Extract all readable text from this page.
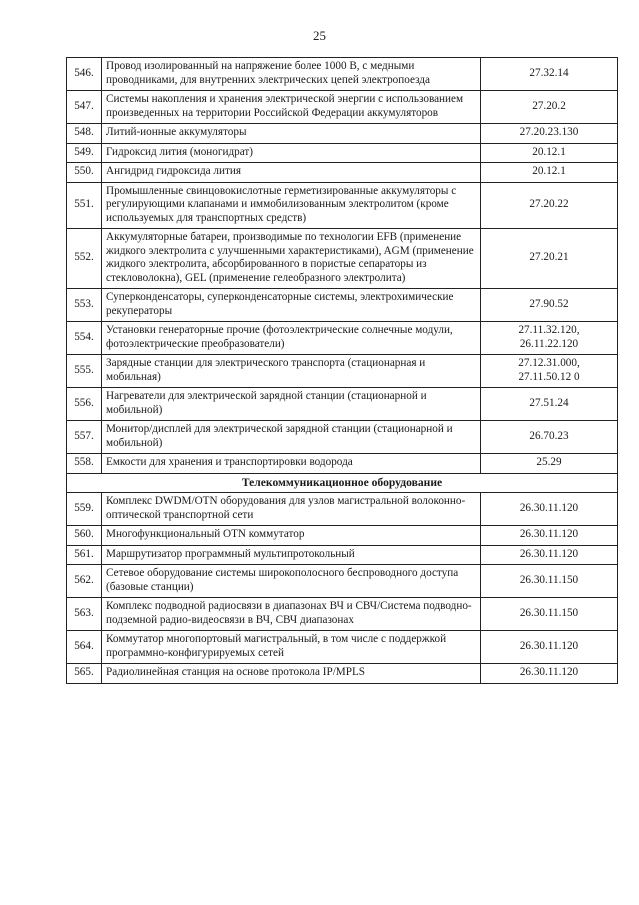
25
546.	Провод изолированный на напряжение более 1000 В, с медными проводниками, для внутренних электрических цепей электропоезда	27.32.14
547.	Системы накопления и хранения электрической энергии с использованием произведенных на территории Российской Федерации аккумуляторов	27.20.2
548.	Литий-ионные аккумуляторы	27.20.23.130
549.	Гидроксид лития (моногидрат)	20.12.1
550.	Ангидрид гидроксида лития	20.12.1
551.	Промышленные свинцовокислотные герметизированные аккумуляторы с регулирующими клапанами и иммобилизованным электролитом (кроме используемых для транспортных средств)	27.20.22
552.	Аккумуляторные батареи, производимые по технологии EFB (применение жидкого электролита с улучшенными характеристиками), AGM (применение жидкого электролита, абсорбированного в пористые сепараторы из стекловолокна), GEL (применение гелеобразного электролита)	27.20.21
553.	Суперконденсаторы, суперконденсаторные системы, электрохимические рекуператоры	27.90.52
554.	Установки генераторные прочие (фотоэлектрические солнечные модули, фотоэлектрические преобразователи)	27.11.32.120,
26.11.22.120
555.	Зарядные станции для электрического транспорта (стационарная и мобильная)	27.12.31.000,
27.11.50.12 0
556.	Нагреватели для электрической зарядной станции (стационарной и мобильной)	27.51.24
557.	Монитор/дисплей для электрической зарядной станции (стационарной и мобильной)	26.70.23
558.	Емкости для хранения и транспортировки водорода	25.29
Телекоммуникационное оборудование		
559.	Комплекс DWDM/OTN оборудования для узлов магистральной волоконно-оптической транспортной сети	26.30.11.120
560.	Многофункциональный OTN коммутатор	26.30.11.120
561.	Маршрутизатор программный мультипротокольный	26.30.11.120
562.	Сетевое оборудование системы широкополосного беспроводного доступа (базовые станции)	26.30.11.150
563.	Комплекс подводной радиосвязи в диапазонах ВЧ и СВЧ/Система подводно-подземной радио-видеосвязи в ВЧ, СВЧ диапазонах	26.30.11.150
564.	Коммутатор многопортовый магистральный, в том числе с поддержкой программно-конфигурируемых сетей	26.30.11.120
565.	Радиолинейная станция на основе протокола IP/MPLS	26.30.11.120
